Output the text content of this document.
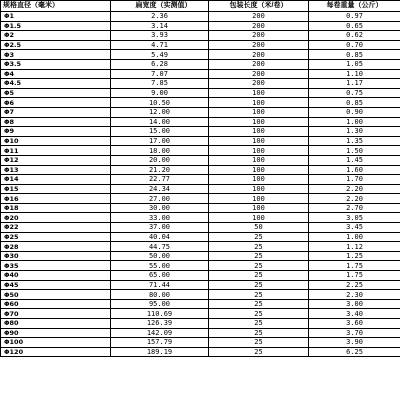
规格直径（毫米）	扁宽度（实测值）	包装长度（米/卷）	每卷重量（公斤）
Φ1	2.36	200	0.97
Φ1.5	3.14	200	0.65
Φ2	3.93	200	0.62
Φ2.5	4.71	200	0.70
Φ3	5.49	200	0.85
Φ3.5	6.28	200	1.05
Φ4	7.07	200	1.10
Φ4.5	7.85	200	1.17
Φ5	9.00	100	0.75
Φ6	10.50	100	0.85
Φ7	12.00	100	0.90
Φ8	14.00	100	1.00
Φ9	15.00	100	1.30
Φ10	17.00	100	1.35
Φ11	18.00	100	1.50
Φ12	20.00	100	1.45
Φ13	21.20	100	1.60
Φ14	22.77	100	1.70
Φ15	24.34	100	2.20
Φ16	27.00	100	2.20
Φ18	30.00	100	2.70
Φ20	33.00	100	3.05
Φ22	37.00	50	3.45
Φ25	40.04	25	1.00
Φ28	44.75	25	1.12
Φ30	50.00	25	1.25
Φ35	55.00	25	1.75
Φ40	65.00	25	1.75
Φ45	71.44	25	2.25
Φ50	80.00	25	2.30
Φ60	95.00	25	3.00
Φ70	110.69	25	3.40
Φ80	126.39	25	3.60
Φ90	142.09	25	3.70
Φ100	157.79	25	3.90
Φ120	189.19	25	6.25
